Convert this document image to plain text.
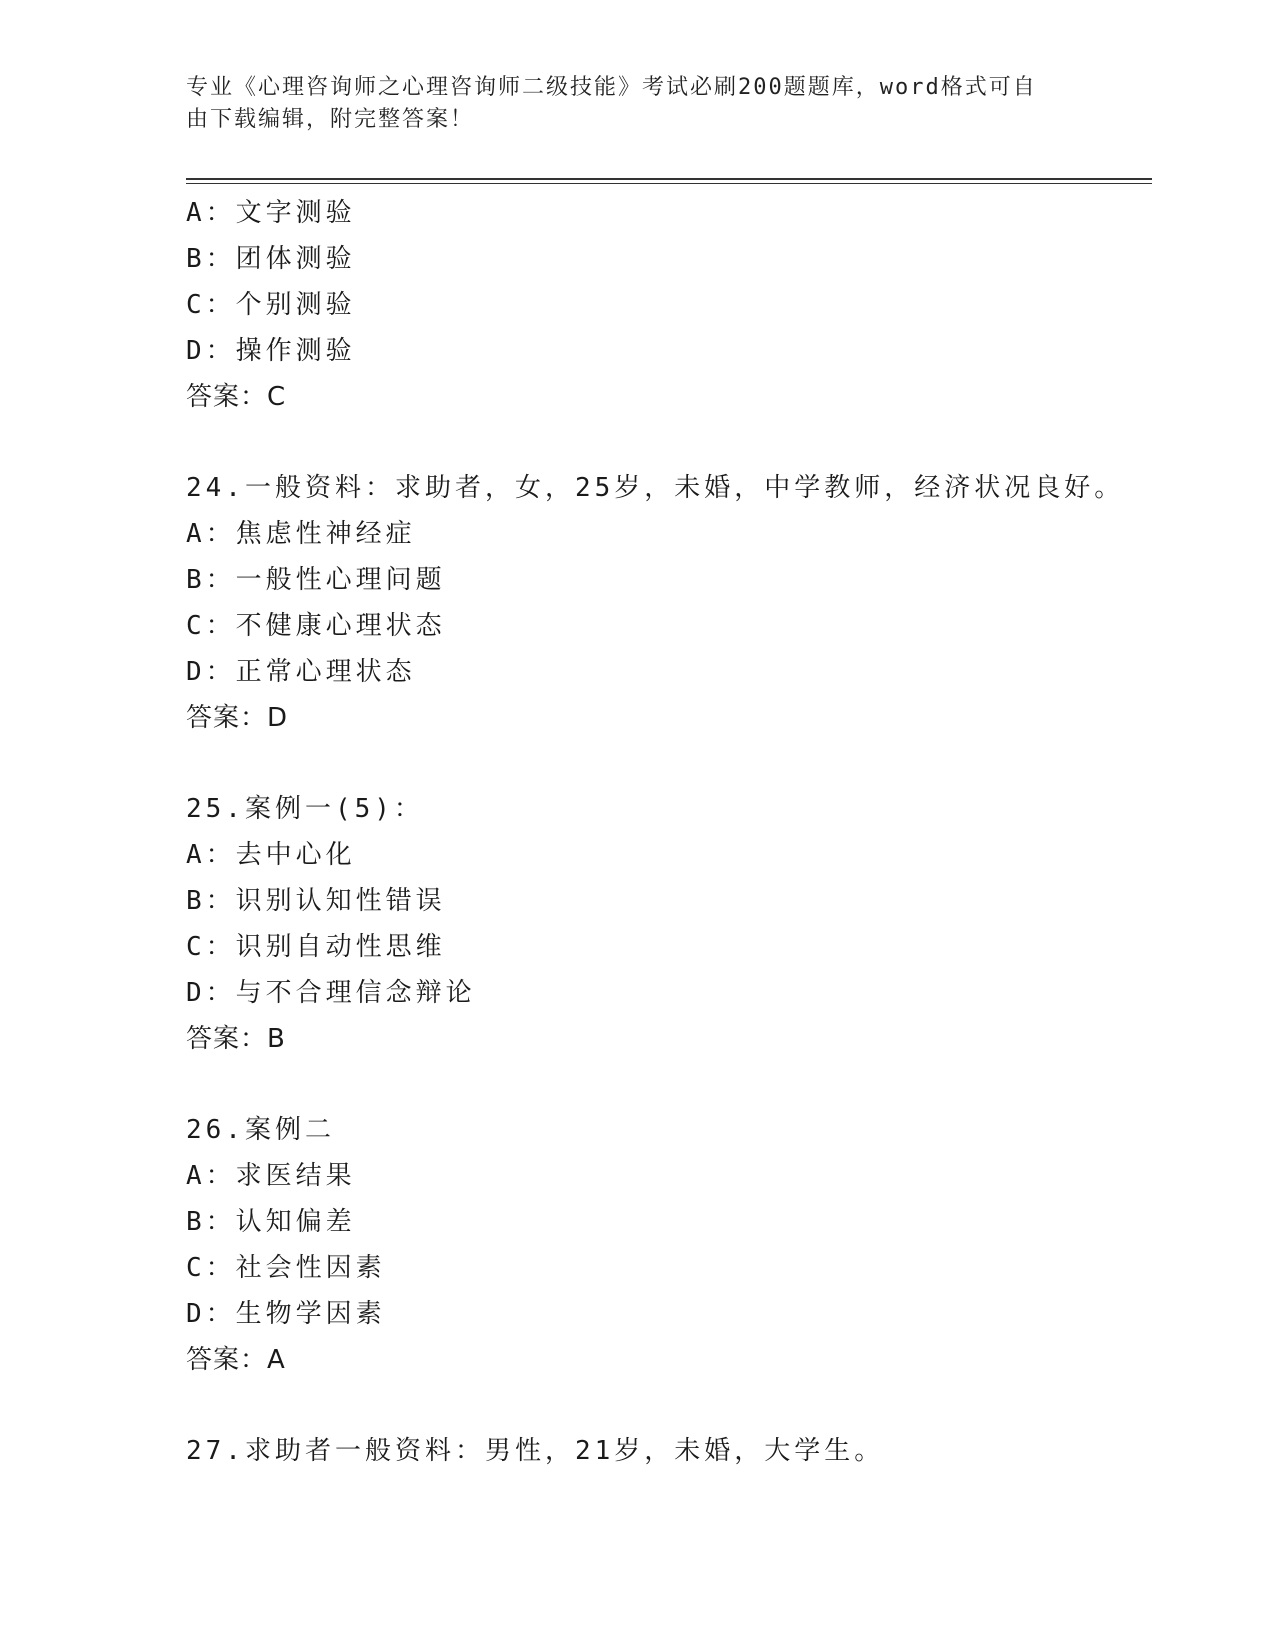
专业《心理咨询师之心理咨询师二级技能》考试必刷200题题库，word格式可自
由下载编辑，附完整答案！
A：文字测验
B：团体测验
C：个别测验
D：操作测验
答案：C
24.一般资料：求助者，女，25岁，未婚，中学教师，经济状况良好。
A：焦虑性神经症
B：一般性心理问题
C：不健康心理状态
D：正常心理状态
答案：D
25.案例一(5)：
A：去中心化
B：识别认知性错误
C：识别自动性思维
D：与不合理信念辩论
答案：B
26.案例二
A：求医结果
B：认知偏差
C：社会性因素
D：生物学因素
答案：A
27.求助者一般资料：男性，21岁，未婚，大学生。
